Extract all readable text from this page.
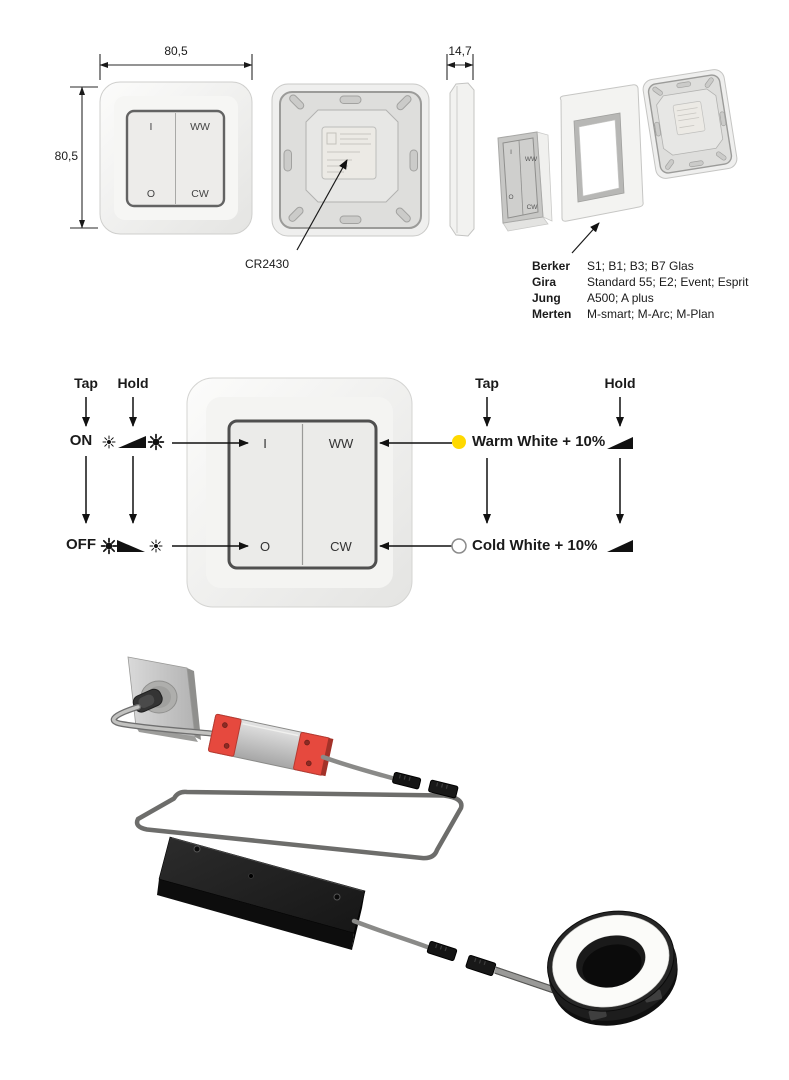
I	WW
O	CW
I
WW
O
CW
I	WW
O	CW
80,5
80,5
14,7
CR2430	Berker	S1; B1; B3; B7 Glas
Gira	Standard 55; E2; Event; Esprit
Jung	A500; A plus
Merten	M-smart; M-Arc; M-Plan
Tap	Hold
ON
OFF
Tap	Hold
Warm White + 10%
Cold White + 10%
